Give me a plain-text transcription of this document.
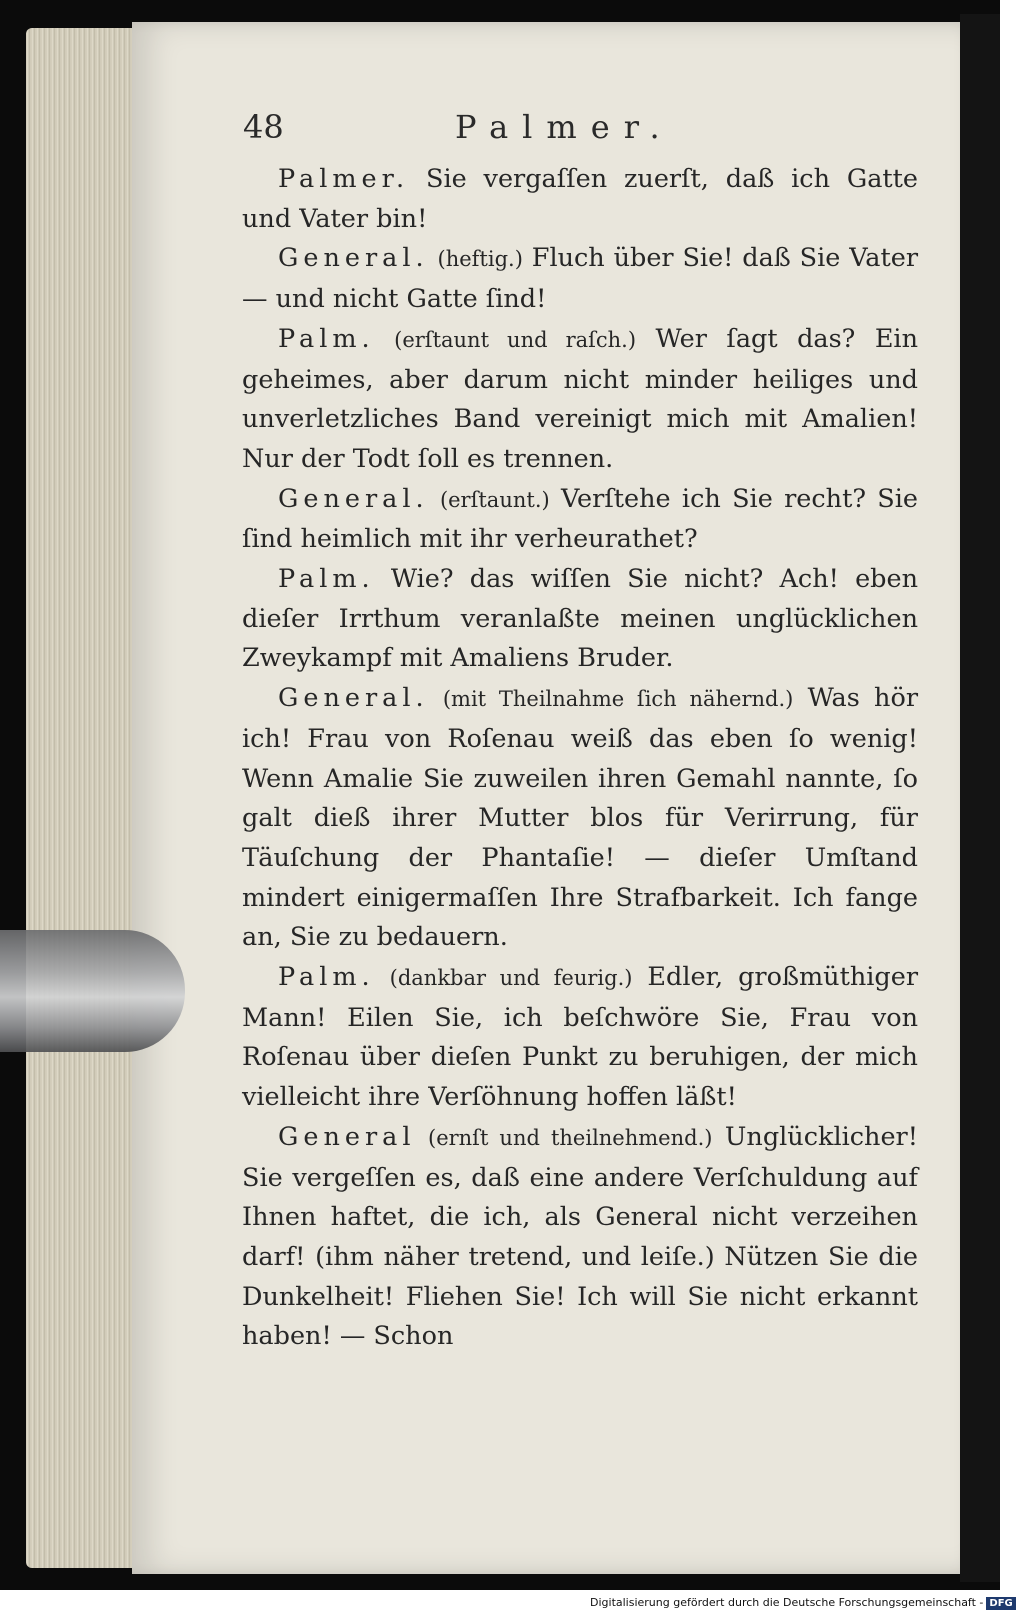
48	Palmer.

Palmer. Sie vergaſſen zuerſt, daß ich Gatte und Vater bin!

General. (heftig.) Fluch über Sie! daß Sie Vater — und nicht Gatte ſind!

Palm. (erſtaunt und raſch.) Wer ſagt das? Ein geheimes, aber darum nicht minder heiliges und unverletzliches Band vereinigt mich mit Amalien! Nur der Todt ſoll es trennen.

General. (erſtaunt.) Verſtehe ich Sie recht? Sie ſind heimlich mit ihr verheurathet?

Palm. Wie? das wiſſen Sie nicht? Ach! eben dieſer Irrthum veranlaßte meinen unglücklichen Zweykampf mit Amaliens Bruder.

General. (mit Theilnahme ſich nähernd.) Was hör ich! Frau von Roſenau weiß das eben ſo wenig! Wenn Amalie Sie zuweilen ihren Gemahl nannte, ſo galt dieß ihrer Mutter blos für Verirrung, für Täuſchung der Phantaſie! — dieſer Umſtand mindert einigermaſſen Ihre Strafbarkeit. Ich fange an, Sie zu bedauern.

Palm. (dankbar und feurig.) Edler, großmüthiger Mann! Eilen Sie, ich beſchwöre Sie, Frau von Roſenau über dieſen Punkt zu beruhigen, der mich vielleicht ihre Verſöhnung hoffen läßt!

General (ernſt und theilnehmend.) Unglücklicher! Sie vergeſſen es, daß eine andere Verſchuldung auf Ihnen haftet, die ich, als General nicht verzeihen darf! (ihm näher tretend, und leiſe.) Nützen Sie die Dunkelheit! Fliehen Sie! Ich will Sie nicht erkannt haben! — Schon

Digitalisierung gefördert durch die Deutsche Forschungsgemeinschaft - DFG
